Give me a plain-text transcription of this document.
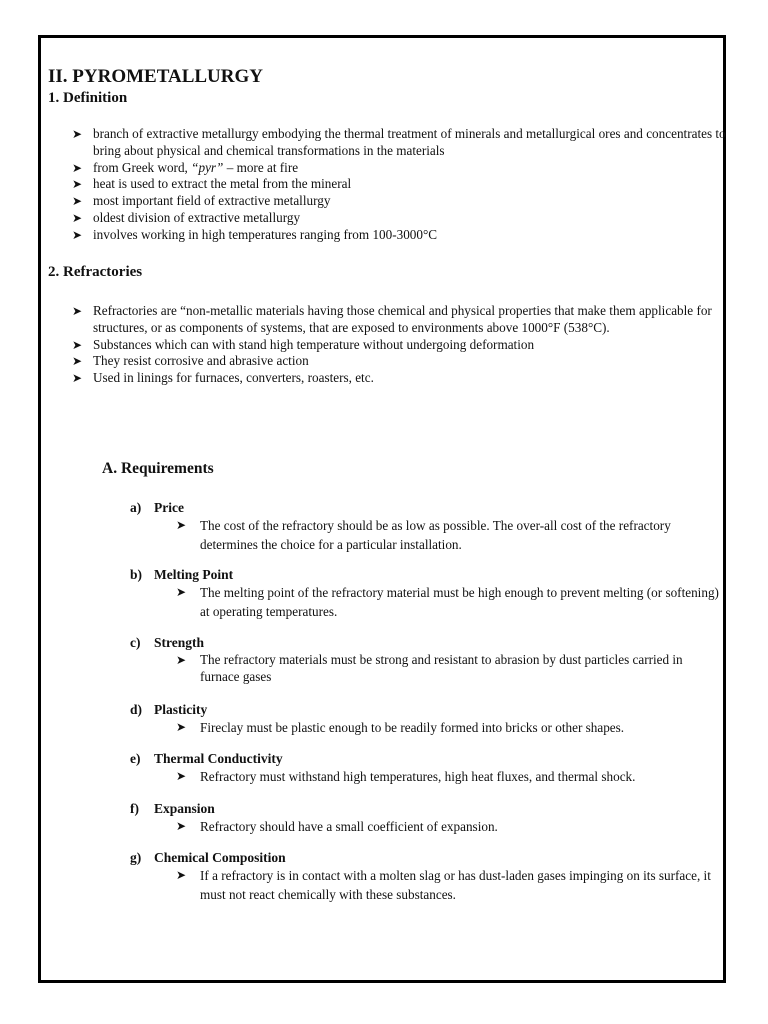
II. PYROMETALLURGY
1. Definition
➤ branch of extractive metallurgy embodying the thermal treatment of minerals and metallurgical ores and concentrates to bring about physical and chemical transformations in the materials
➤ from Greek word, “pyr” – more at fire
➤ heat is used to extract the metal from the mineral
➤ most important field of extractive metallurgy
➤ oldest division of extractive metallurgy
➤ involves working in high temperatures ranging from 100-3000°C
2. Refractories
➤ Refractories are “non-metallic materials having those chemical and physical properties that make them applicable for structures, or as components of systems, that are exposed to environments above 1000°F (538°C).
➤ Substances which can with stand high temperature without undergoing deformation
➤ They resist corrosive and abrasive action
➤ Used in linings for furnaces, converters, roasters, etc.
A. Requirements
a) Price
➤ The cost of the refractory should be as low as possible. The over-all cost of the refractory determines the choice for a particular installation.
b) Melting Point
➤ The melting point of the refractory material must be high enough to prevent melting (or softening) at operating temperatures.
c) Strength
➤ The refractory materials must be strong and resistant to abrasion by dust particles carried in furnace gases
d) Plasticity
➤ Fireclay must be plastic enough to be readily formed into bricks or other shapes.
e) Thermal Conductivity
➤ Refractory must withstand high temperatures, high heat fluxes, and thermal shock.
f) Expansion
➤ Refractory should have a small coefficient of expansion.
g) Chemical Composition
➤ If a refractory is in contact with a molten slag or has dust-laden gases impinging on its surface, it must not react chemically with these substances.
